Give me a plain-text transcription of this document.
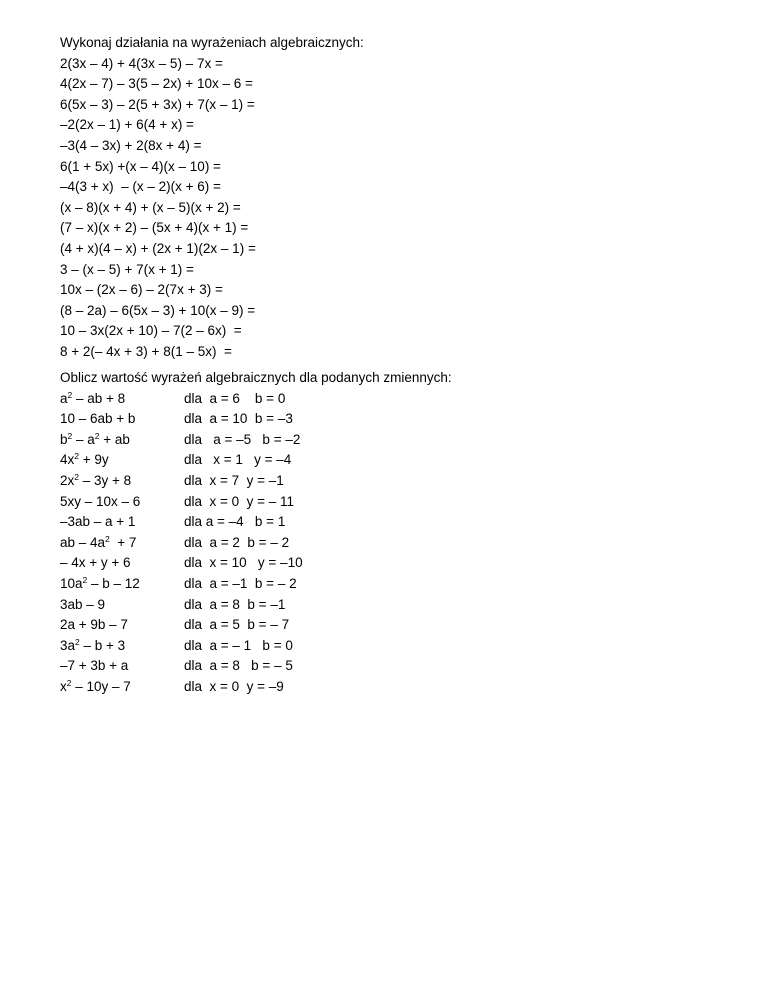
Wykonaj działania na wyrażeniach algebraicznych:
2(3x – 4) + 4(3x – 5) – 7x =
4(2x – 7) – 3(5 – 2x) + 10x – 6 =
6(5x – 3) – 2(5 + 3x) + 7(x – 1) =
–2(2x – 1) + 6(4 + x) =
–3(4 – 3x) + 2(8x + 4) =
6(1 + 5x) +(x – 4)(x – 10) =
–4(3 + x)  – (x – 2)(x + 6) =
(x – 8)(x + 4) + (x – 5)(x + 2) =
(7 – x)(x + 2) – (5x + 4)(x + 1) =
(4 + x)(4 – x) + (2x + 1)(2x – 1) =
3 – (x – 5) + 7(x + 1) =
10x – (2x – 6) – 2(7x + 3) =
(8 – 2a) – 6(5x – 3) + 10(x – 9) =
10 – 3x(2x + 10) – 7(2 – 6x)  =
8 + 2(– 4x + 3) + 8(1 – 5x)  =
Oblicz wartość wyrażeń algebraicznych dla podanych zmiennych:
$a^2$ – ab + 8	dla  a = 6    b = 0
10 – 6ab + b	dla  a = 10  b = –3
$b^2 - a^2$ + ab	dla   a = –5   b = –2
$4x^2 + 9y$	dla   x = 1   y = –4
$2x^2 - 3y + 8$	dla  x = 7  y = –1
5xy – 10x – 6	dla  x = 0  y = – 11
–3ab – a + 1	dla a = –4   b = 1
ab – $4a^2 + 7$	dla  a = 2  b = – 2
– 4x + y + 6	dla  x = 10   y = –10
$10a^2$ – b – 12	dla  a = –1  b = – 2
3ab – 9	dla  a = 8  b = –1
2a + 9b – 7	dla  a = 5  b = – 7
$3a^2 - b + 3$	dla  a = – 1   b = 0
–7 + 3b + a	dla  a = 8   b = – 5
$x^2 - 10y - 7$	dla  x = 0  y = –9
